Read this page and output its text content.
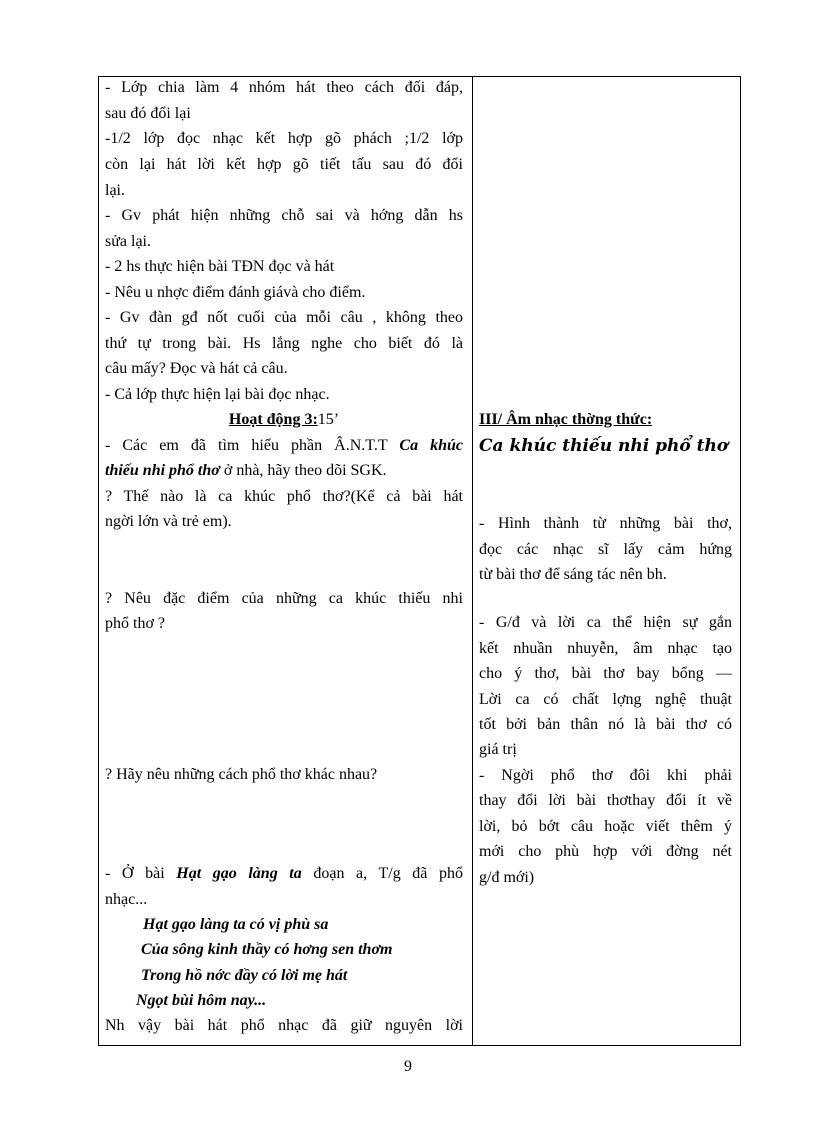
- Lớp chia làm 4 nhóm hát theo cách đối đáp,
sau đó đổi lại
-1/2 lớp đọc nhạc kết hợp gõ phách ;1/2 lớp
còn lại hát lời kết hợp gõ tiết tấu sau đó đổi
lại.
- Gv phát hiện những chỗ sai và hớng dẫn hs
sửa lại.
- 2 hs thực hiện bài TĐN đọc và hát
- Nêu u nhợc điểm đánh giávà cho điểm.
- Gv đàn gđ nốt cuối của mỗi câu , không theo
thứ tự trong bài. Hs lắng nghe cho biết đó là
câu mấy? Đọc và hát cả câu.
- Cả lớp thực hiện lại bài đọc nhạc.
Hoạt động 3:15’
- Các em đã tìm hiểu phần Â.N.T.T Ca khúc
thiếu nhi phổ thơ ở nhà, hãy theo dõi SGK.
? Thế nào là ca khúc phổ thơ?(Kể cả bài hát
ngời lớn và trẻ em).
? Nêu đặc điểm của những ca khúc thiếu nhi
phổ thơ ?
? Hãy nêu những cách phổ thơ khác nhau?
- Ở bài Hạt gạo làng ta đoạn a, T/g đã phổ
nhạc...
Hạt gạo làng ta có vị phù sa
Của sông kinh thầy có hơng sen thơm
Trong hồ nớc đầy có lời mẹ hát
Ngọt bùi hôm nay...
Nh vậy bài hát phổ nhạc đã giữ nguyên lời
III/ Âm nhạc thờng thức:
Ca khúc thiếu nhi phổ thơ
- Hình thành từ những bài thơ,
đọc các nhạc sĩ lấy cảm hứng
từ bài thơ để sáng tác nên bh.
- G/đ và lời ca thể hiện sự gắn
kết nhuần nhuyễn, âm nhạc tạo
cho ý thơ, bài thơ bay bổng —
Lời ca có chất lợng nghệ thuật
tốt bởi bản thân nó là bài thơ có
giá trị
- Ngời phổ thơ đôi khi phải
thay đổi lời bài thơthay đổi ít về
lời, bỏ bớt câu hoặc viết thêm ý
mới cho phù hợp với đờng nét
g/đ mới)
9
